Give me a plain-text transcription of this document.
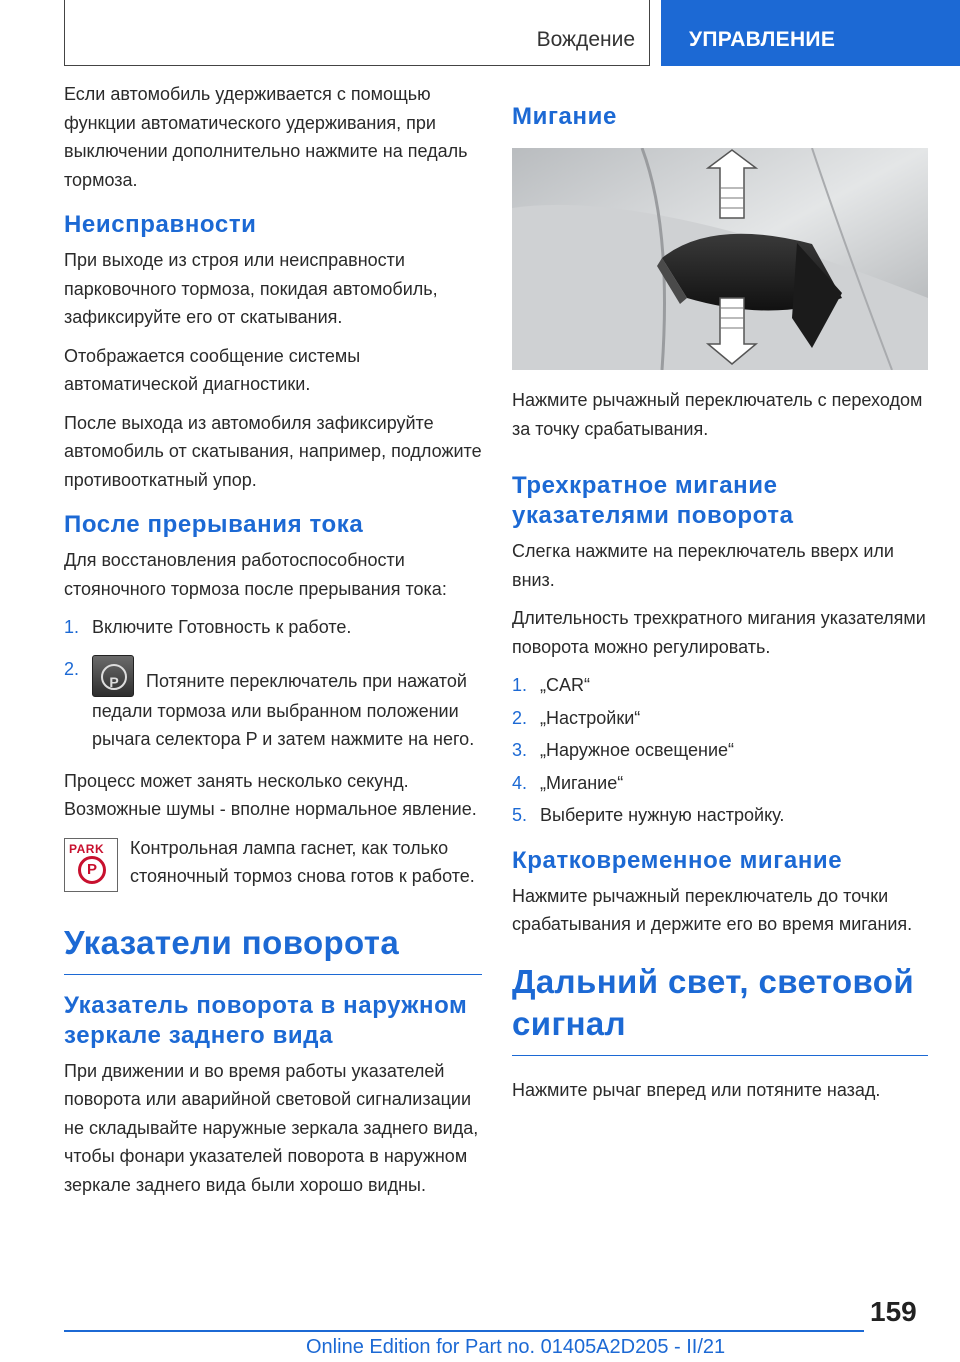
Вождение	УПРАВЛЕНИЕ

Если автомобиль удерживается с помощью функции автоматического удерживания, при выключении дополнительно нажмите на педаль тормоза.

Неисправности

При выходе из строя или неисправности парковочного тормоза, покидая автомобиль, зафиксируйте его от скатывания.

Отображается сообщение системы автоматической диагностики.

После выхода из автомобиля зафиксируйте автомобиль от скатывания, например, подложите противооткатный упор.

После прерывания тока

Для восстановления работоспособности стояночного тормоза после прерывания тока:

1. Включите Готовность к работе.
2.
P	Потяните переключатель при нажатой педали тормоза или выбранном положении рычага селектора P и затем нажмите на него.

Процесс может занять несколько секунд. Возможные шумы - вполне нормальное явление.

PARK
P

Контрольная лампа гаснет, как только стояночный тормоз снова готов к работе.

Указатели поворота
Указатель поворота в наружном зеркале заднего вида

При движении и во время работы указателей поворота или аварийной световой сигнализации не складывайте наружные зеркала заднего вида, чтобы фонари указателей поворота в наружном зеркале заднего вида были хорошо видны.

Мигание

Нажмите рычажный переключатель с переходом за точку срабатывания.

Трехкратное мигание указателями поворота

Слегка нажмите на переключатель вверх или вниз.

Длительность трехкратного мигания указателями поворота можно регулировать.

1. „CAR“
2. „Настройки“
3. „Наружное освещение“
4. „Мигание“
5. Выберите нужную настройку.
Кратковременное мигание

Нажмите рычажный переключатель до точки срабатывания и держите его во время мигания.

Дальний свет, световой сигнал

Нажмите рычаг вперед или потяните назад.

159
Online Edition for Part no. 01405A2D205 - II/21
